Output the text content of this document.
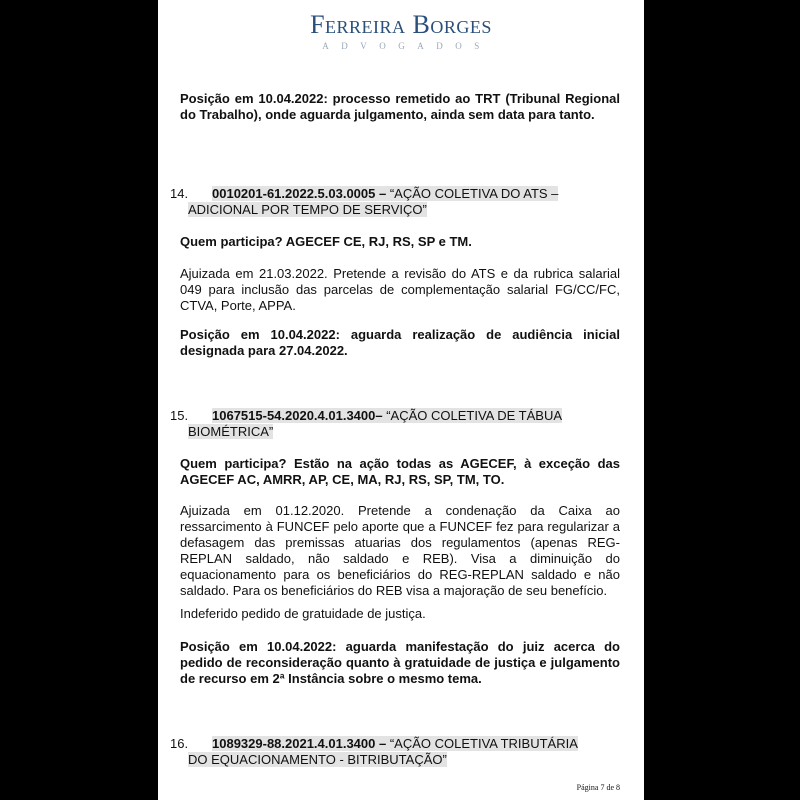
Ferreira Borges
ADVOGADOS
Posição em 10.04.2022: processo remetido ao TRT (Tribunal Regional do Trabalho), onde aguarda julgamento, ainda sem data para tanto.
14. 0010201-61.2022.5.03.0005 – “AÇÃO COLETIVA DO ATS –
ADICIONAL POR TEMPO DE SERVIÇO”
Quem participa? AGECEF CE, RJ, RS, SP e TM.
Ajuizada em 21.03.2022. Pretende a revisão do ATS e da rubrica salarial 049 para inclusão das parcelas de complementação salarial FG/CC/FC, CTVA, Porte, APPA.
Posição em 10.04.2022: aguarda realização de audiência inicial designada para 27.04.2022.
15. 1067515-54.2020.4.01.3400– “AÇÃO COLETIVA DE TÁBUA
BIOMÉTRICA”
Quem participa? Estão na ação todas as AGECEF, à exceção das AGECEF AC, AMRR, AP, CE, MA, RJ, RS, SP, TM, TO.
Ajuizada em 01.12.2020. Pretende a condenação da Caixa ao ressarcimento à FUNCEF pelo aporte que a FUNCEF fez para regularizar a defasagem das premissas atuarias dos regulamentos (apenas REG-REPLAN saldado, não saldado e REB). Visa a diminuição do equacionamento para os beneficiários do REG-REPLAN saldado e não saldado. Para os beneficiários do REB visa a majoração de seu benefício.
Indeferido pedido de gratuidade de justiça.
Posição em 10.04.2022: aguarda manifestação do juiz acerca do pedido de reconsideração quanto à gratuidade de justiça e julgamento de recurso em 2ª Instância sobre o mesmo tema.
16. 1089329-88.2021.4.01.3400 – “AÇÃO COLETIVA TRIBUTÁRIA
DO EQUACIONAMENTO - BITRIBUTAÇÃO”
Página 7 de 8
